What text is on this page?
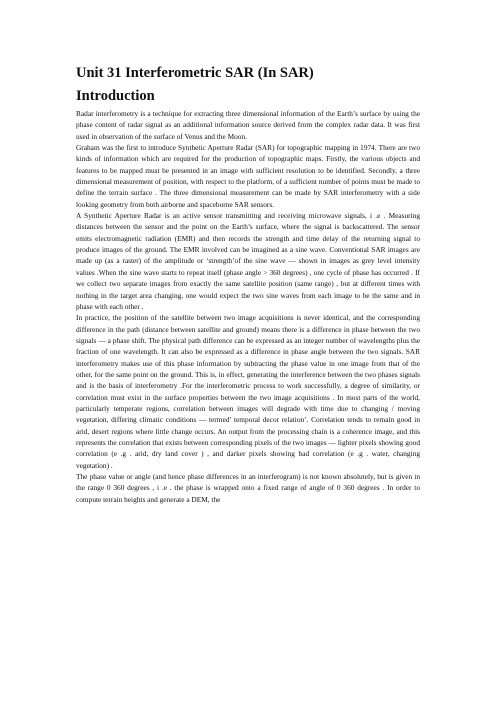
Unit 31 Interferometric SAR (In SAR)
Introduction

Radar interferometry is a technique for extracting three dimensional information of the Earth’s surface by using the phase content of radar signal as an additional information source derived from the complex radar data. It was first used in observation of the surface of Venus and the Moon.

Graham was the first to introduce Synthetic Aperture Radar (SAR) for topographic mapping in 1974. There are two kinds of information which are required for the production of topographic maps. Firstly, the various objects and features to be mapped must be presented in an image with sufficient resolution to be identified. Secondly, a three dimensional measurement of position, with respect to the platform, of a sufficient number of points must be made to define the terrain surface . The three dimensional measurement can be made by SAR interferometry with a side looking geometry from both airborne and spaceborne SAR sensors.

A Synthetic Aperture Radar is an active sensor transmitting and receiving microwave signals, i .e . Measuring distances between the sensor and the point on the Earth’s surface, where the signal is backscattered. The sensor emits electromagnetic radiation (EMR) and then records the strength and time delay of the returning signal to produce images of the ground. The EMR involved can be imagined as a sine wave. Conventional SAR images are made up (as a raster) of the amplitude or ‘strength’of the sine wave — shown in images as grey level intensity values .When the sine wave starts to repeat itself (phase angle > 360 degrees) , one cycle of phase has occurred . If we collect two separate images from exactly the same satellite position (same range) , but at different times with nothing in the target area changing, one would expect the two sine waves from each image to be the same and in phase with each other .

In practice, the position of the satellite between two image acquisitions is never identical, and the corresponding difference in the path (distance between satellite and ground) means there is a difference in phase between the two signals — a phase shift. The physical path difference can be expressed as an integer number of wavelengths plus the fraction of one wavelength. It can also be expressed as a difference in phase angle between the two signals. SAR interferometry makes use of this phase information by subtracting the phase value in one image from that of the other, for the same point on the ground. This is, in effect, generating the interference between the two phases signals and is the basis of interferometry .For the interferometric process to work successfully, a degree of similarity, or correlation must exist in the surface properties between the two image acquisitions . In most parts of the world, particularly temperate regions, correlation between images will degrade with time due to changing / moving vegetation, differing climatic conditions — termed’ temporal decor relation’. Correlation tends to remain good in arid, desert regions where little change occurs. An output from the processing chain is a coherence image, and this represents the correlation that exists between corresponding pixels of the two images — lighter pixels showing good correlation (e .g . arid, dry land cover ) , and darker pixels showing bad correlation (e .g . water, changing vegetation) .

The phase value or angle (and hence phase differences in an interferogram) is not known absolutely, but is given in the range 0 360 degrees , i .e . the phase is wrapped onto a fixed range of angle of 0 360 degrees . In order to compute terrain heights and generate a DEM, the
